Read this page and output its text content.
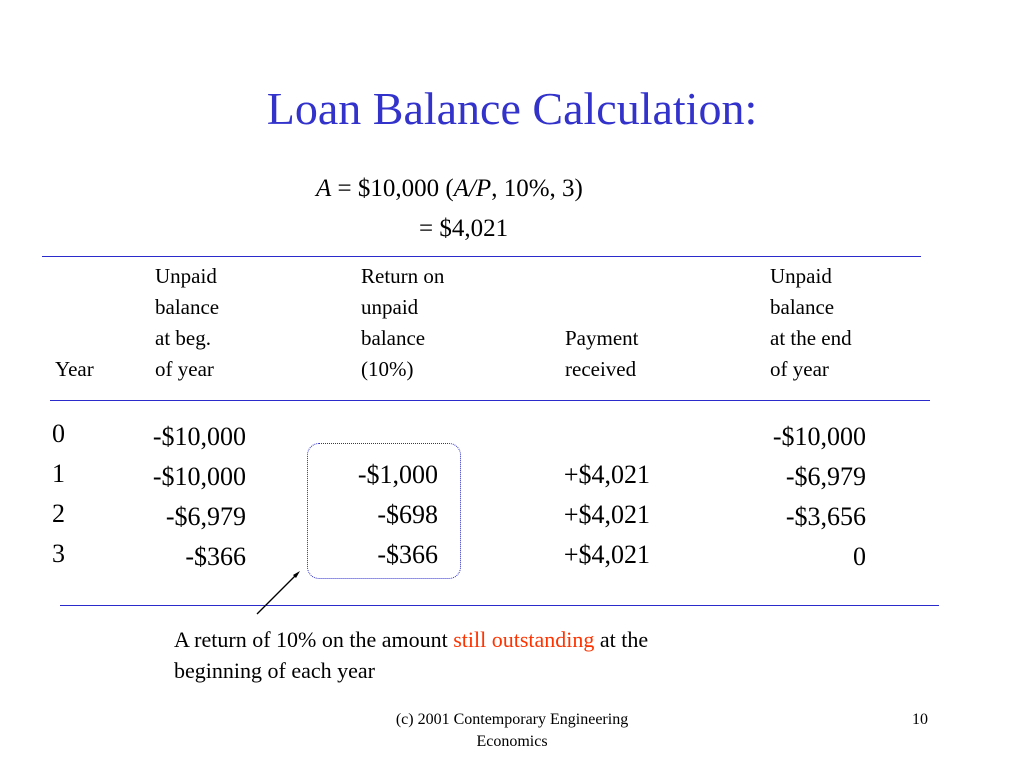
Loan Balance Calculation:
A = $10,000 (A/P, 10%, 3)
= $4,021
Year
Unpaid
balance
at beg.
of year
Return on
unpaid
balance
(10%)
Payment
received
Unpaid
balance
at the end
of year
0
1
2
3
-$10,000
-$10,000
-$6,979
-$366
-$1,000
-$698
-$366
+$4,021
+$4,021
+$4,021
-$10,000
-$6,979
-$3,656
0
A return of 10% on the amount still outstanding at the
beginning of each year
(c) 2001 Contemporary Engineering
Economics
10
